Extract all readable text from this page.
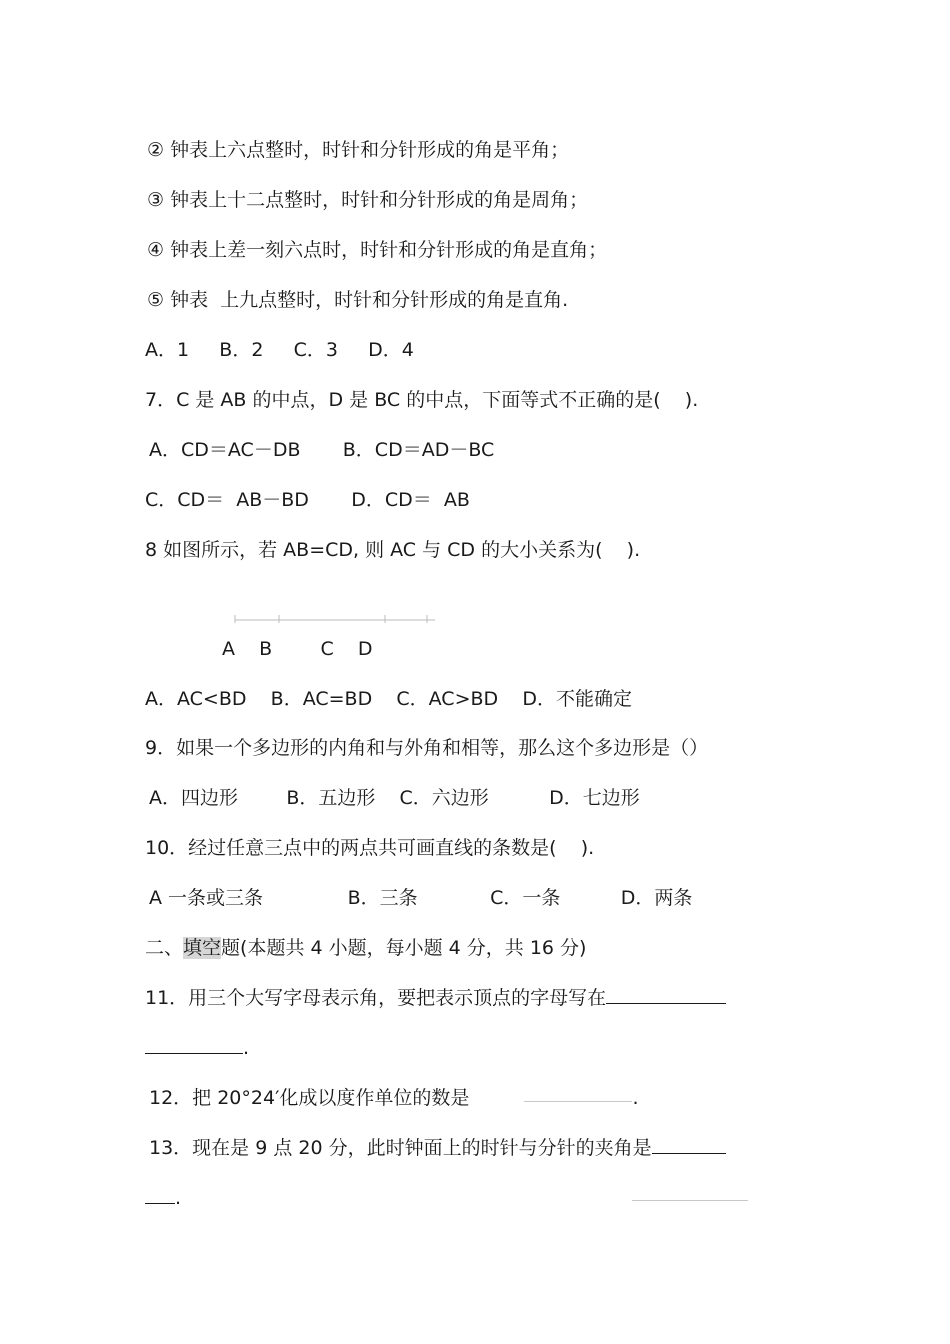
② 钟表上六点整时，时针和分针形成的角是平角；
③ 钟表上十二点整时，时针和分针形成的角是周角；
④ 钟表上差一刻六点时，时针和分针形成的角是直角；
⑤ 钟表  上九点整时，时针和分针形成的角是直角.
A．1     B．2     C．3     D．4
7．C 是 AB 的中点，D 是 BC 的中点，下面等式不正确的是(    ).
A．CD＝AC－DB       B．CD＝AD－BC
C．CD＝  AB－BD       D．CD＝  AB
8 如图所示，若 AB=CD, 则 AC 与 CD 的大小关系为(    ).
A    B        C    D
A．AC<BD    B．AC=BD    C．AC>BD    D．不能确定
9．如果一个多边形的内角和与外角和相等，那么这个多边形是（）
A．四边形        B．五边形    C．六边形          D．七边形
10．经过任意三点中的两点共可画直线的条数是(    ).
A 一条或三条              B．三条            C．一条          D．两条
二、填空题(本题共 4 小题，每小题 4 分，共 16 分)
11．用三个大写字母表示角，要把表示顶点的字母写在
.
12．把 20°24′化成以度作单位的数是	.
13．现在是 9 点 20 分，此时钟面上的时针与分针的夹角是
.
